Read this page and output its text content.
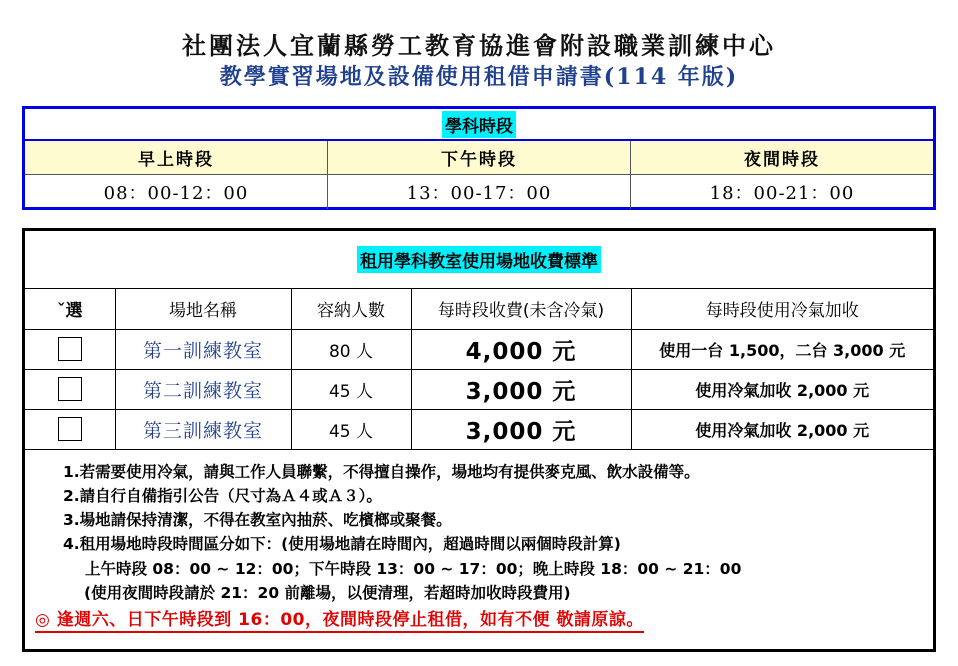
社團法人宜蘭縣勞工教育協進會附設職業訓練中心
教學實習場地及設備使用租借申請書(114 年版)
學科時段
早上時段	下午時段	夜間時段
08：00-12：00	13：00-17：00	18：00-21：00
租用學科教室使用場地收費標準
ˇ選	場地名稱	容納人數	每時段收費(未含冷氣)	每時段使用冷氣加收
	第一訓練教室	80 人	4,000 元	使用一台 1,500，二台 3,000 元
	第二訓練教室	45 人	3,000 元	使用冷氣加收 2,000 元
	第三訓練教室	45 人	3,000 元	使用冷氣加收 2,000 元
1.若需要使用冷氣，請與工作人員聯繫，不得擅自操作，場地均有提供麥克風、飲水設備等。
2.請自行自備指引公告（尺寸為Ａ４或Ａ３）。
3.場地請保持清潔，不得在教室內抽菸、吃檳榔或聚餐。
4.租用場地時段時間區分如下：(使用場地請在時間內，超過時間以兩個時段計算)
上午時段 08：00 ~ 12：00；下午時段 13：00 ~ 17：00；晚上時段 18：00 ~ 21：00
(使用夜間時段請於 21：20 前離場，以便清理，若超時加收時段費用)
◎ 逢週六、日下午時段到 16：00，夜間時段停止租借，如有不便 敬請原諒。
